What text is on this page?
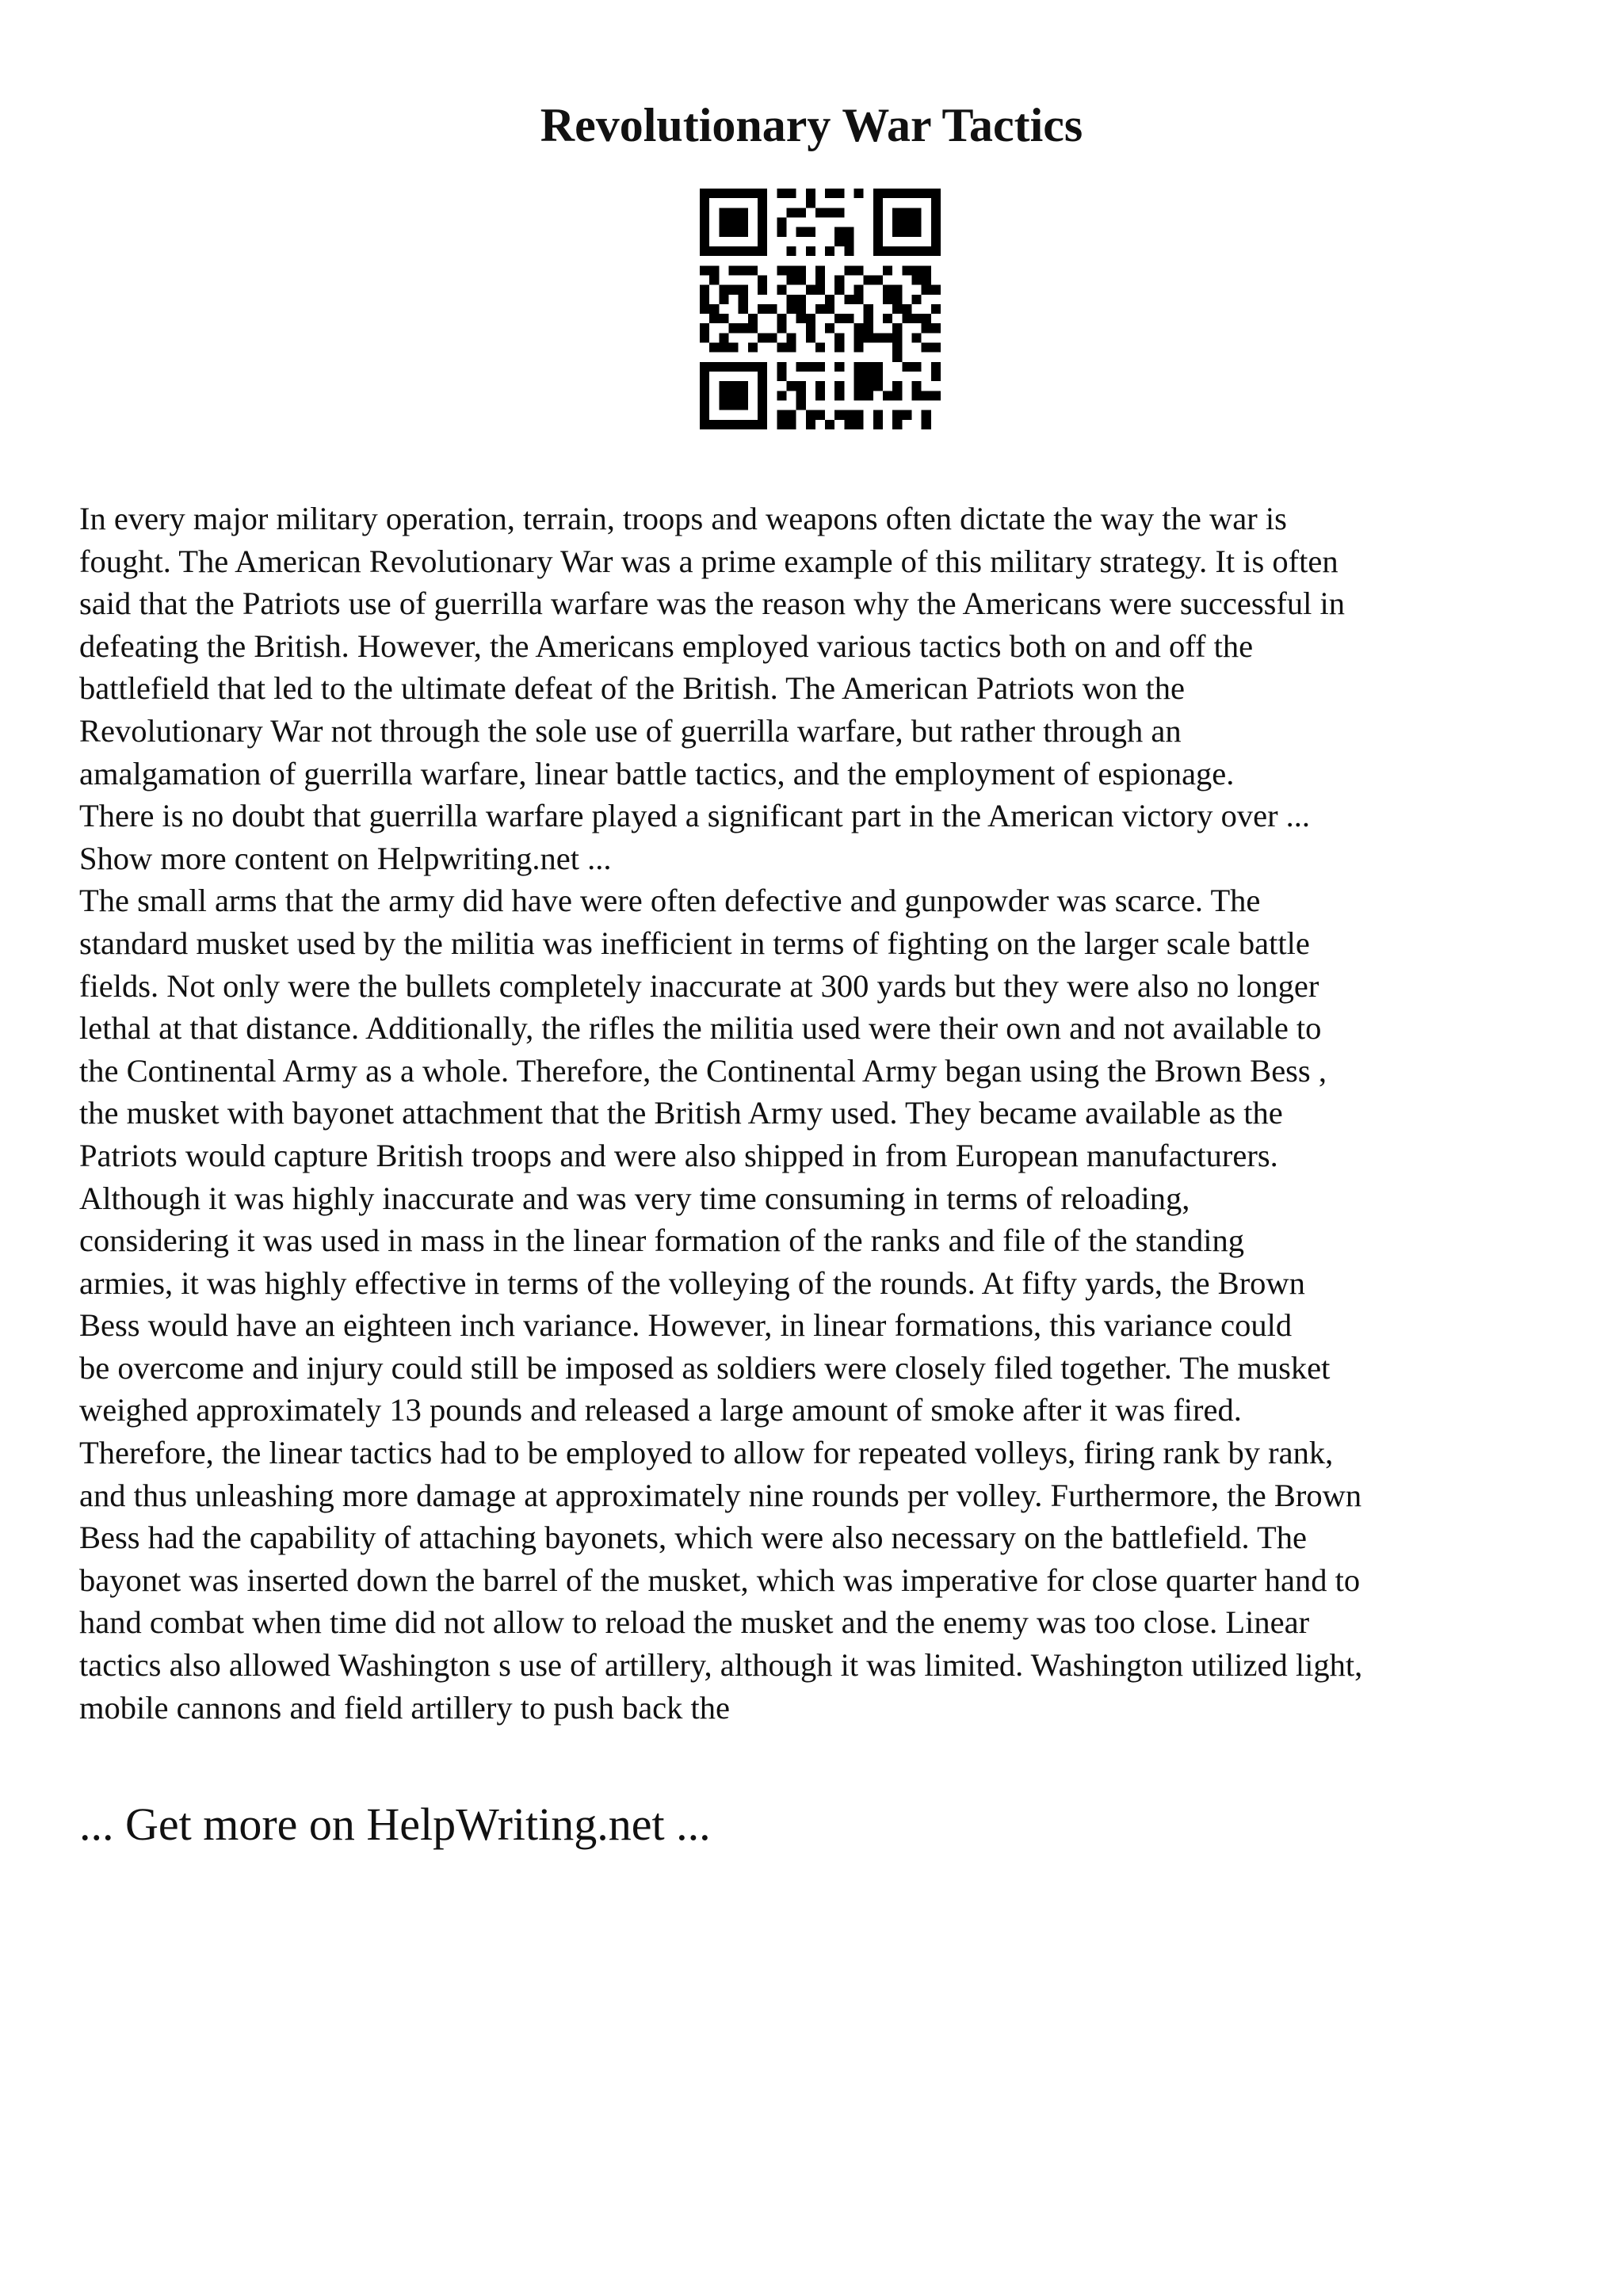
Revolutionary War Tactics
In every major military operation, terrain, troops and weapons often dictate the way the war is
fought. The American Revolutionary War was a prime example of this military strategy. It is often
said that the Patriots use of guerrilla warfare was the reason why the Americans were successful in
defeating the British. However, the Americans employed various tactics both on and off the
battlefield that led to the ultimate defeat of the British. The American Patriots won the
Revolutionary War not through the sole use of guerrilla warfare, but rather through an
amalgamation of guerrilla warfare, linear battle tactics, and the employment of espionage.
There is no doubt that guerrilla warfare played a significant part in the American victory over ...
Show more content on Helpwriting.net ...
The small arms that the army did have were often defective and gunpowder was scarce. The
standard musket used by the militia was inefficient in terms of fighting on the larger scale battle
fields. Not only were the bullets completely inaccurate at 300 yards but they were also no longer
lethal at that distance. Additionally, the rifles the militia used were their own and not available to
the Continental Army as a whole. Therefore, the Continental Army began using the Brown Bess ,
the musket with bayonet attachment that the British Army used. They became available as the
Patriots would capture British troops and were also shipped in from European manufacturers.
Although it was highly inaccurate and was very time consuming in terms of reloading,
considering it was used in mass in the linear formation of the ranks and file of the standing
armies, it was highly effective in terms of the volleying of the rounds. At fifty yards, the Brown
Bess would have an eighteen inch variance. However, in linear formations, this variance could
be overcome and injury could still be imposed as soldiers were closely filed together. The musket
weighed approximately 13 pounds and released a large amount of smoke after it was fired.
Therefore, the linear tactics had to be employed to allow for repeated volleys, firing rank by rank,
and thus unleashing more damage at approximately nine rounds per volley. Furthermore, the Brown
Bess had the capability of attaching bayonets, which were also necessary on the battlefield. The
bayonet was inserted down the barrel of the musket, which was imperative for close quarter hand to
hand combat when time did not allow to reload the musket and the enemy was too close. Linear
tactics also allowed Washington s use of artillery, although it was limited. Washington utilized light,
mobile cannons and field artillery to push back the
... Get more on HelpWriting.net ...
